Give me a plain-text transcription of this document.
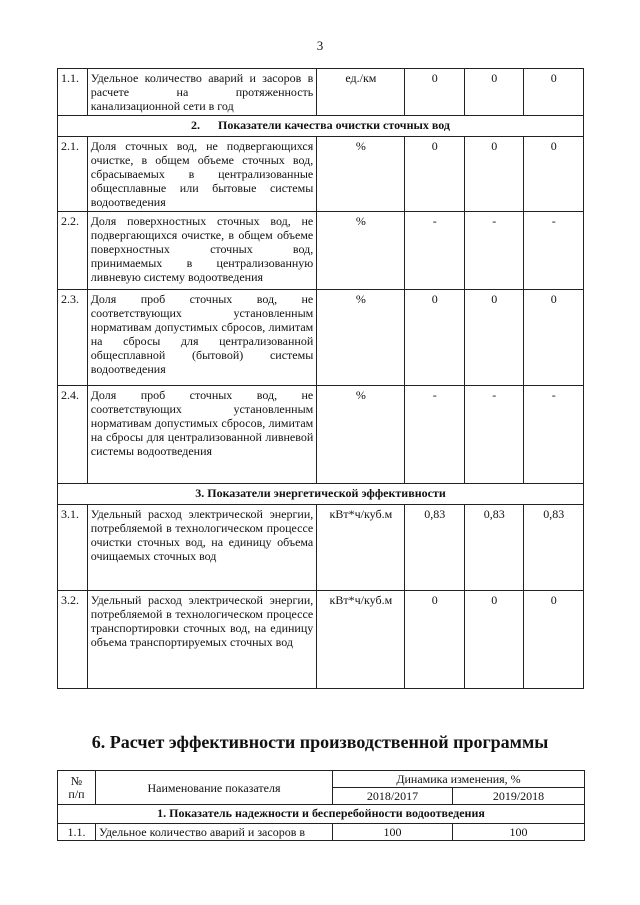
3
1.1.	Удельное количество аварий и засоров в расчете на протяженность канализационной сети в год	ед./км	0	0	0
2.      Показатели качества очистки сточных вод					
2.1.	Доля сточных вод, не подвергающихся очистке, в общем объеме сточных вод, сбрасываемых в централизованные общесплавные или бытовые системы водоотведения	%	0	0	0
2.2.	Доля поверхностных сточных вод, не подвергающихся очистке, в общем объеме поверхностных сточных вод, принимаемых в централизованную ливневую систему водоотведения	%	-	-	-
2.3.	Доля проб сточных вод, не соответствующих установленным нормативам допустимых сбросов, лимитам на сбросы для централизованной общесплавной (бытовой) системы водоотведения	%	0	0	0
2.4.	Доля проб сточных вод, не соответствующих установленным нормативам допустимых сбросов, лимитам на сбросы для централизованной ливневой системы водоотведения	%	-	-	-
3. Показатели энергетической эффективности					
3.1.	Удельный расход электрической энергии, потребляемой в технологическом процессе очистки сточных вод, на единицу объема очищаемых сточных вод	кВт*ч/куб.м	0,83	0,83	0,83
3.2.	Удельный расход электрической энергии, потребляемой в технологическом процессе транспортировки сточных вод, на единицу объема транспортируемых сточных вод	кВт*ч/куб.м	0	0	0
6. Расчет эффективности производственной программы
№
п/п	Наименование показателя	Динамика изменения, %	
		2018/2017	2019/2018
1. Показатель надежности и бесперебойности водоотведения			
1.1.	Удельное количество аварий и засоров в	100	100
